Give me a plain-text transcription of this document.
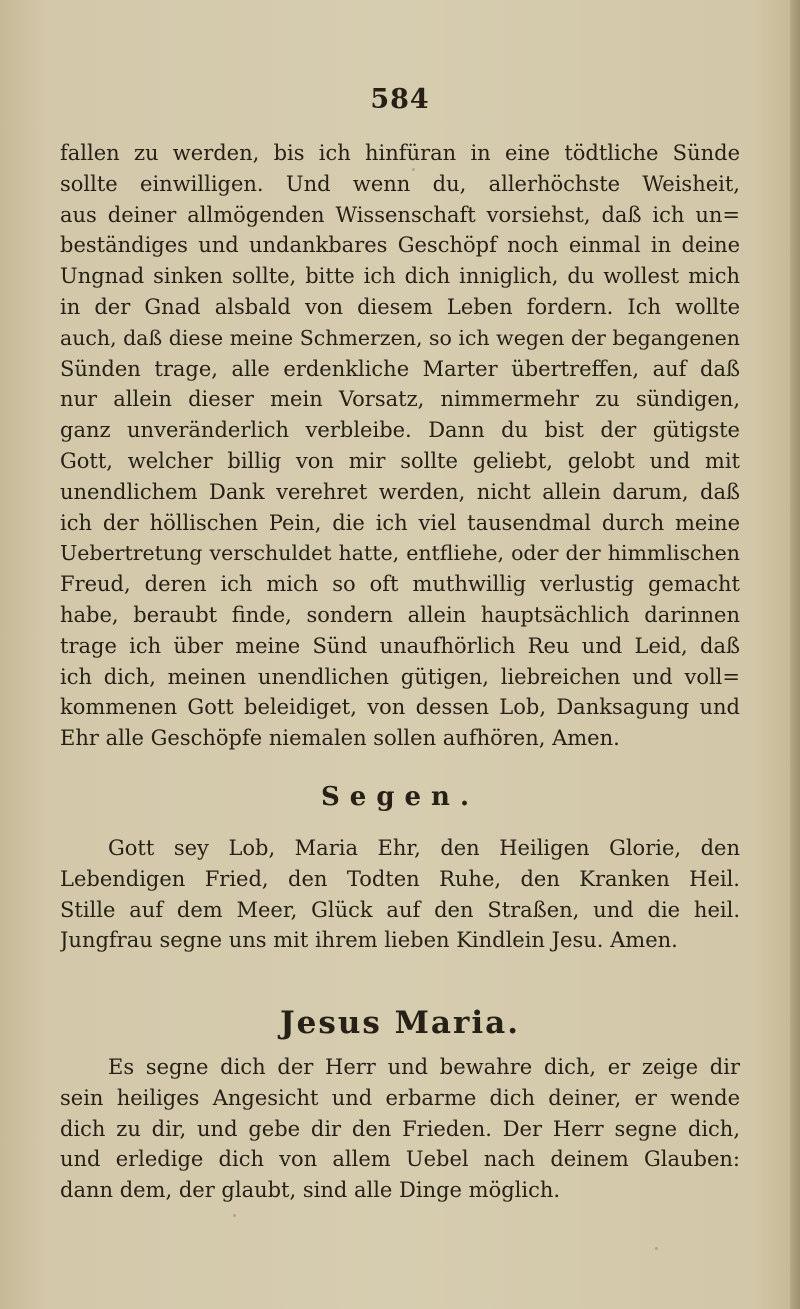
584
fallen zu werden, bis ich hinfüran in eine tödtliche Sünde
sollte einwilligen. Und wenn du, allerhöchste Weisheit,
aus deiner allmögenden Wissenschaft vorsiehst, daß ich un=
beständiges und undankbares Geschöpf noch einmal in deine
Ungnad sinken sollte, bitte ich dich inniglich, du wollest mich
in der Gnad alsbald von diesem Leben fordern. Ich wollte
auch, daß diese meine Schmerzen, so ich wegen der begangenen
Sünden trage, alle erdenkliche Marter übertreffen, auf daß
nur allein dieser mein Vorsatz, nimmermehr zu sündigen,
ganz unveränderlich verbleibe. Dann du bist der gütigste
Gott, welcher billig von mir sollte geliebt, gelobt und mit
unendlichem Dank verehret werden, nicht allein darum, daß
ich der höllischen Pein, die ich viel tausendmal durch meine
Uebertretung verschuldet hatte, entfliehe, oder der himmlischen
Freud, deren ich mich so oft muthwillig verlustig gemacht
habe, beraubt finde, sondern allein hauptsächlich darinnen
trage ich über meine Sünd unaufhörlich Reu und Leid, daß
ich dich, meinen unendlichen gütigen, liebreichen und voll=
kommenen Gott beleidiget, von dessen Lob, Danksagung und
Ehr alle Geschöpfe niemalen sollen aufhören, Amen.
Segen.
Gott sey Lob, Maria Ehr, den Heiligen Glorie, den
Lebendigen Fried, den Todten Ruhe, den Kranken Heil.
Stille auf dem Meer, Glück auf den Straßen, und die heil.
Jungfrau segne uns mit ihrem lieben Kindlein Jesu. Amen.
Jesus Maria.
Es segne dich der Herr und bewahre dich, er zeige dir
sein heiliges Angesicht und erbarme dich deiner, er wende
dich zu dir, und gebe dir den Frieden. Der Herr segne dich,
und erledige dich von allem Uebel nach deinem Glauben:
dann dem, der glaubt, sind alle Dinge möglich.
